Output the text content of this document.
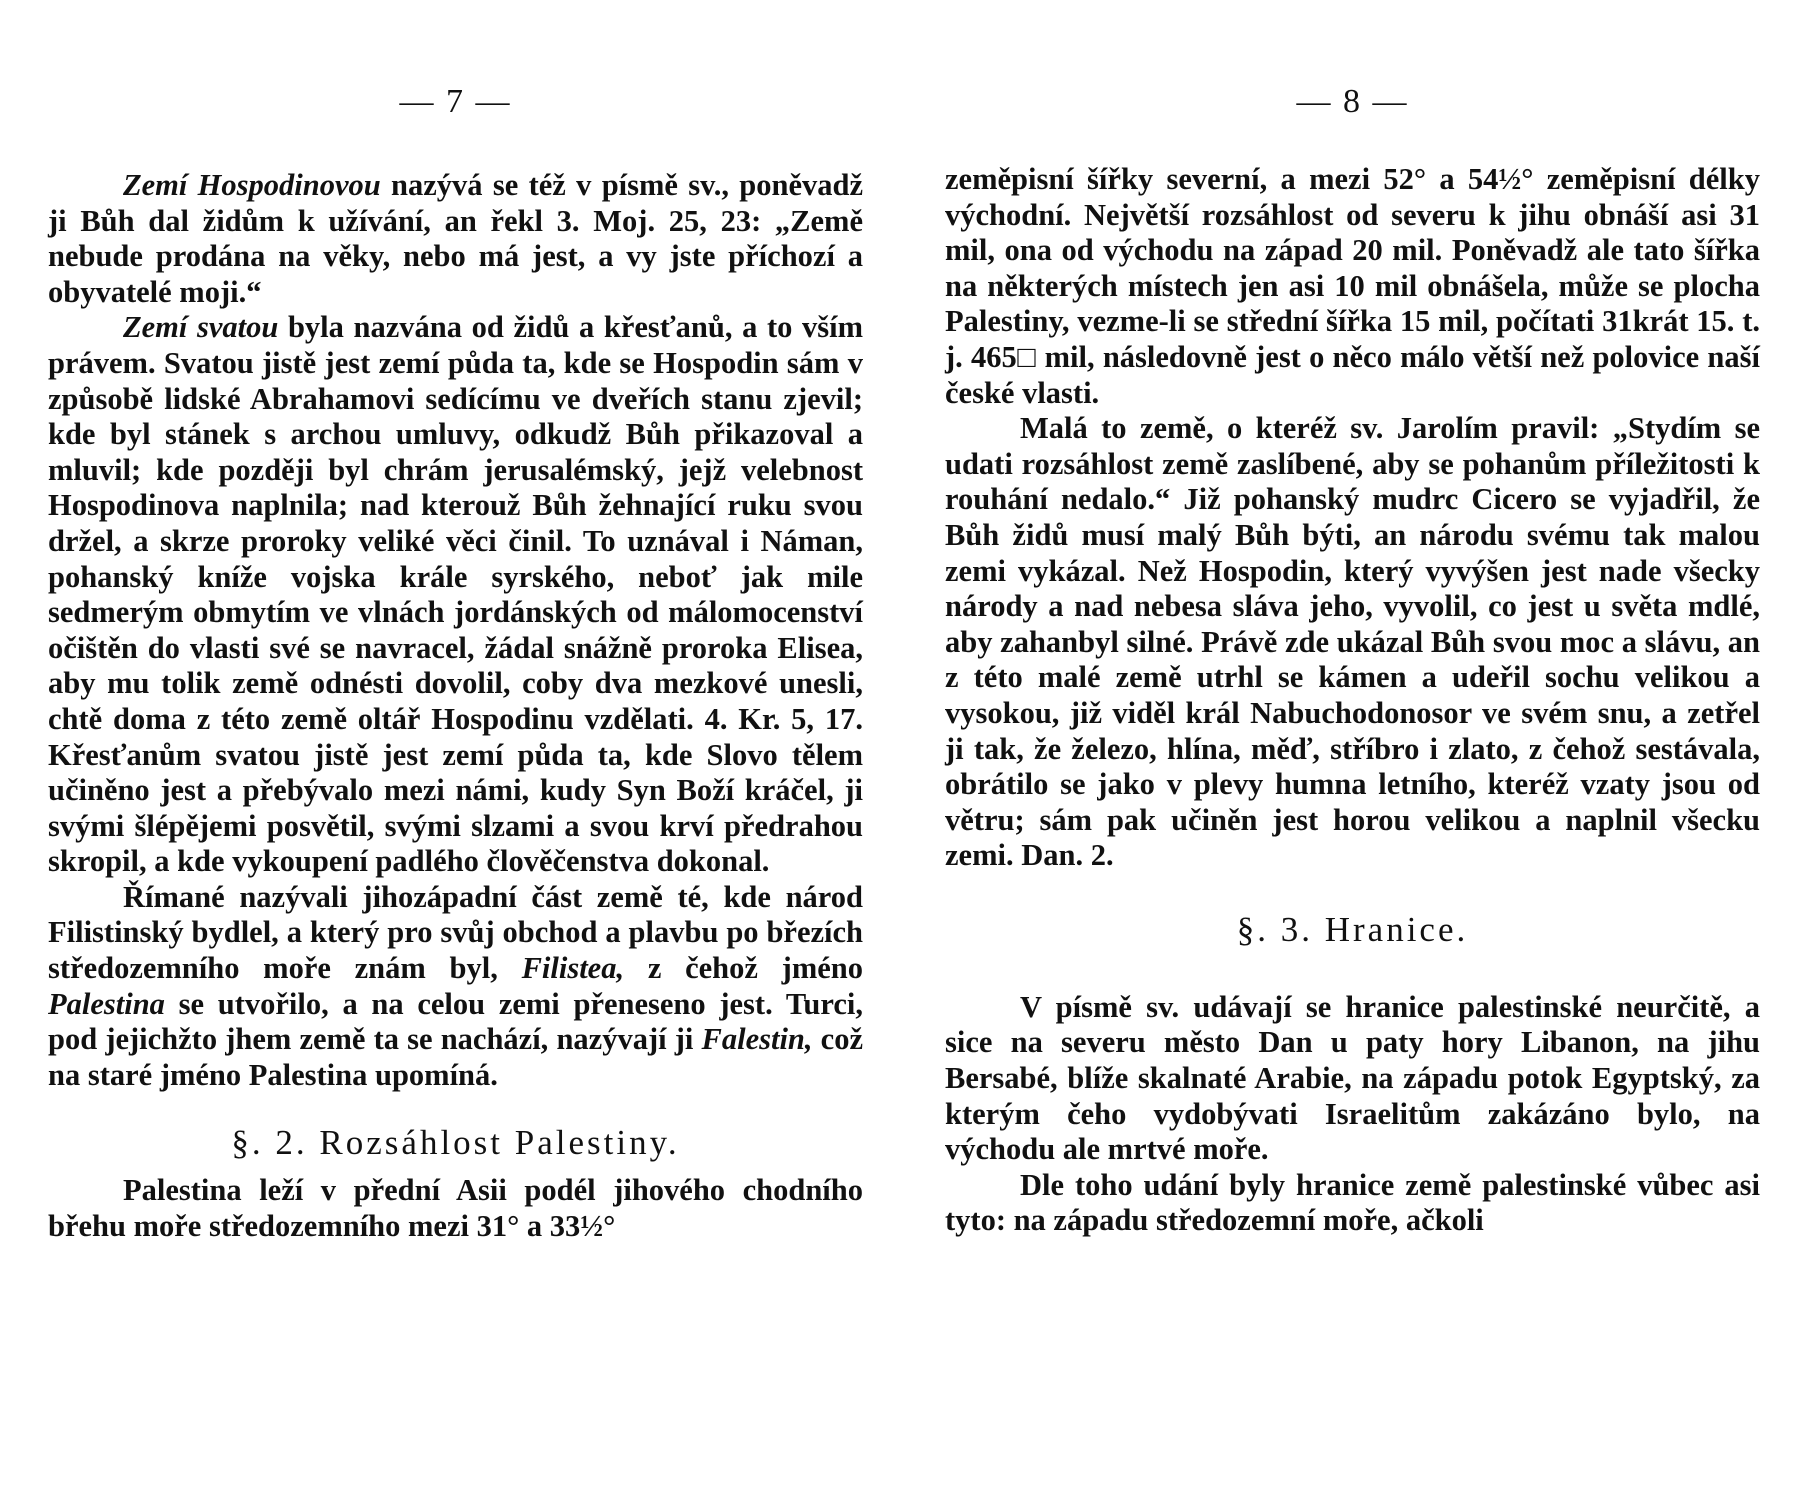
— 7 —

Zemí Hospodinovou nazývá se též v písmě sv., poněvadž ji Bůh dal židům k užívání, an řekl 3. Moj. 25, 23: „Země nebude prodána na věky, nebo má jest, a vy jste příchozí a obyvatelé moji.“

Zemí svatou byla nazvána od židů a křesťanů, a to vším právem. Svatou jistě jest zemí půda ta, kde se Hospodin sám v způsobě lidské Abrahamovi sedícímu ve dveřích stanu zjevil; kde byl stánek s archou umluvy, odkudž Bůh přikazoval a mluvil; kde později byl chrám jerusalémský, jejž velebnost Hospodinova naplnila; nad kterouž Bůh žehnající ruku svou držel, a skrze proroky veliké věci činil. To uznával i Náman, pohanský kníže vojska krále syrského, neboť jak mile sedmerým obmytím ve vlnách jordánských od málomocenství očištěn do vlasti své se navracel, žádal snážně proroka Elisea, aby mu tolik země odnésti dovolil, coby dva mezkové unesli, chtě doma z této země oltář Hospodinu vzdělati. 4. Kr. 5, 17. Křesťanům svatou jistě jest zemí půda ta, kde Slovo tělem učiněno jest a přebývalo mezi námi, kudy Syn Boží kráčel, ji svými šlépějemi posvětil, svými slzami a svou krví předrahou skropil, a kde vykoupení padlého člověčenstva dokonal.

Římané nazývali jihozápadní část země té, kde národ Filistinský bydlel, a který pro svůj obchod a plavbu po březích středozemního moře znám byl, Filistea, z čehož jméno Palestina se utvořilo, a na celou zemi přeneseno jest. Turci, pod jejichžto jhem země ta se nachází, nazývají ji Falestin, což na staré jméno Palestina upomíná.

§. 2. Rozsáhlost Palestiny.

Palestina leží v přední Asii podél jihového chodního břehu moře středozemního mezi 31° a 33½°

— 8 —

zeměpisní šířky severní, a mezi 52° a 54½° zeměpisní délky východní. Největší rozsáhlost od severu k jihu obnáší asi 31 mil, ona od východu na západ 20 mil. Poněvadž ale tato šířka na některých místech jen asi 10 mil obnášela, může se plocha Palestiny, vezme-li se střední šířka 15 mil, počítati 31krát 15. t. j. 465□ mil, následovně jest o něco málo větší než polovice naší české vlasti.

Malá to země, o kteréž sv. Jarolím pravil: „Stydím se udati rozsáhlost země zaslíbené, aby se pohanům příležitosti k rouhání nedalo.“ Již pohanský mudrc Cicero se vyjadřil, že Bůh židů musí malý Bůh býti, an národu svému tak malou zemi vykázal. Než Hospodin, který vyvýšen jest nade všecky národy a nad nebesa sláva jeho, vyvolil, co jest u světa mdlé, aby zahanbyl silné. Právě zde ukázal Bůh svou moc a slávu, an z této malé země utrhl se kámen a udeřil sochu velikou a vysokou, již viděl král Nabuchodonosor ve svém snu, a zetřel ji tak, že železo, hlína, měď, stříbro i zlato, z čehož sestávala, obrátilo se jako v plevy humna letního, kteréž vzaty jsou od větru; sám pak učiněn jest horou velikou a naplnil všecku zemi. Dan. 2.

§. 3. Hranice.

V písmě sv. udávají se hranice palestinské neurčitě, a sice na severu město Dan u paty hory Libanon, na jihu Bersabé, blíže skalnaté Arabie, na západu potok Egyptský, za kterým čeho vydobývati Israelitům zakázáno bylo, na východu ale mrtvé moře.

Dle toho udání byly hranice země palestinské vůbec asi tyto: na západu středozemní moře, ačkoli
